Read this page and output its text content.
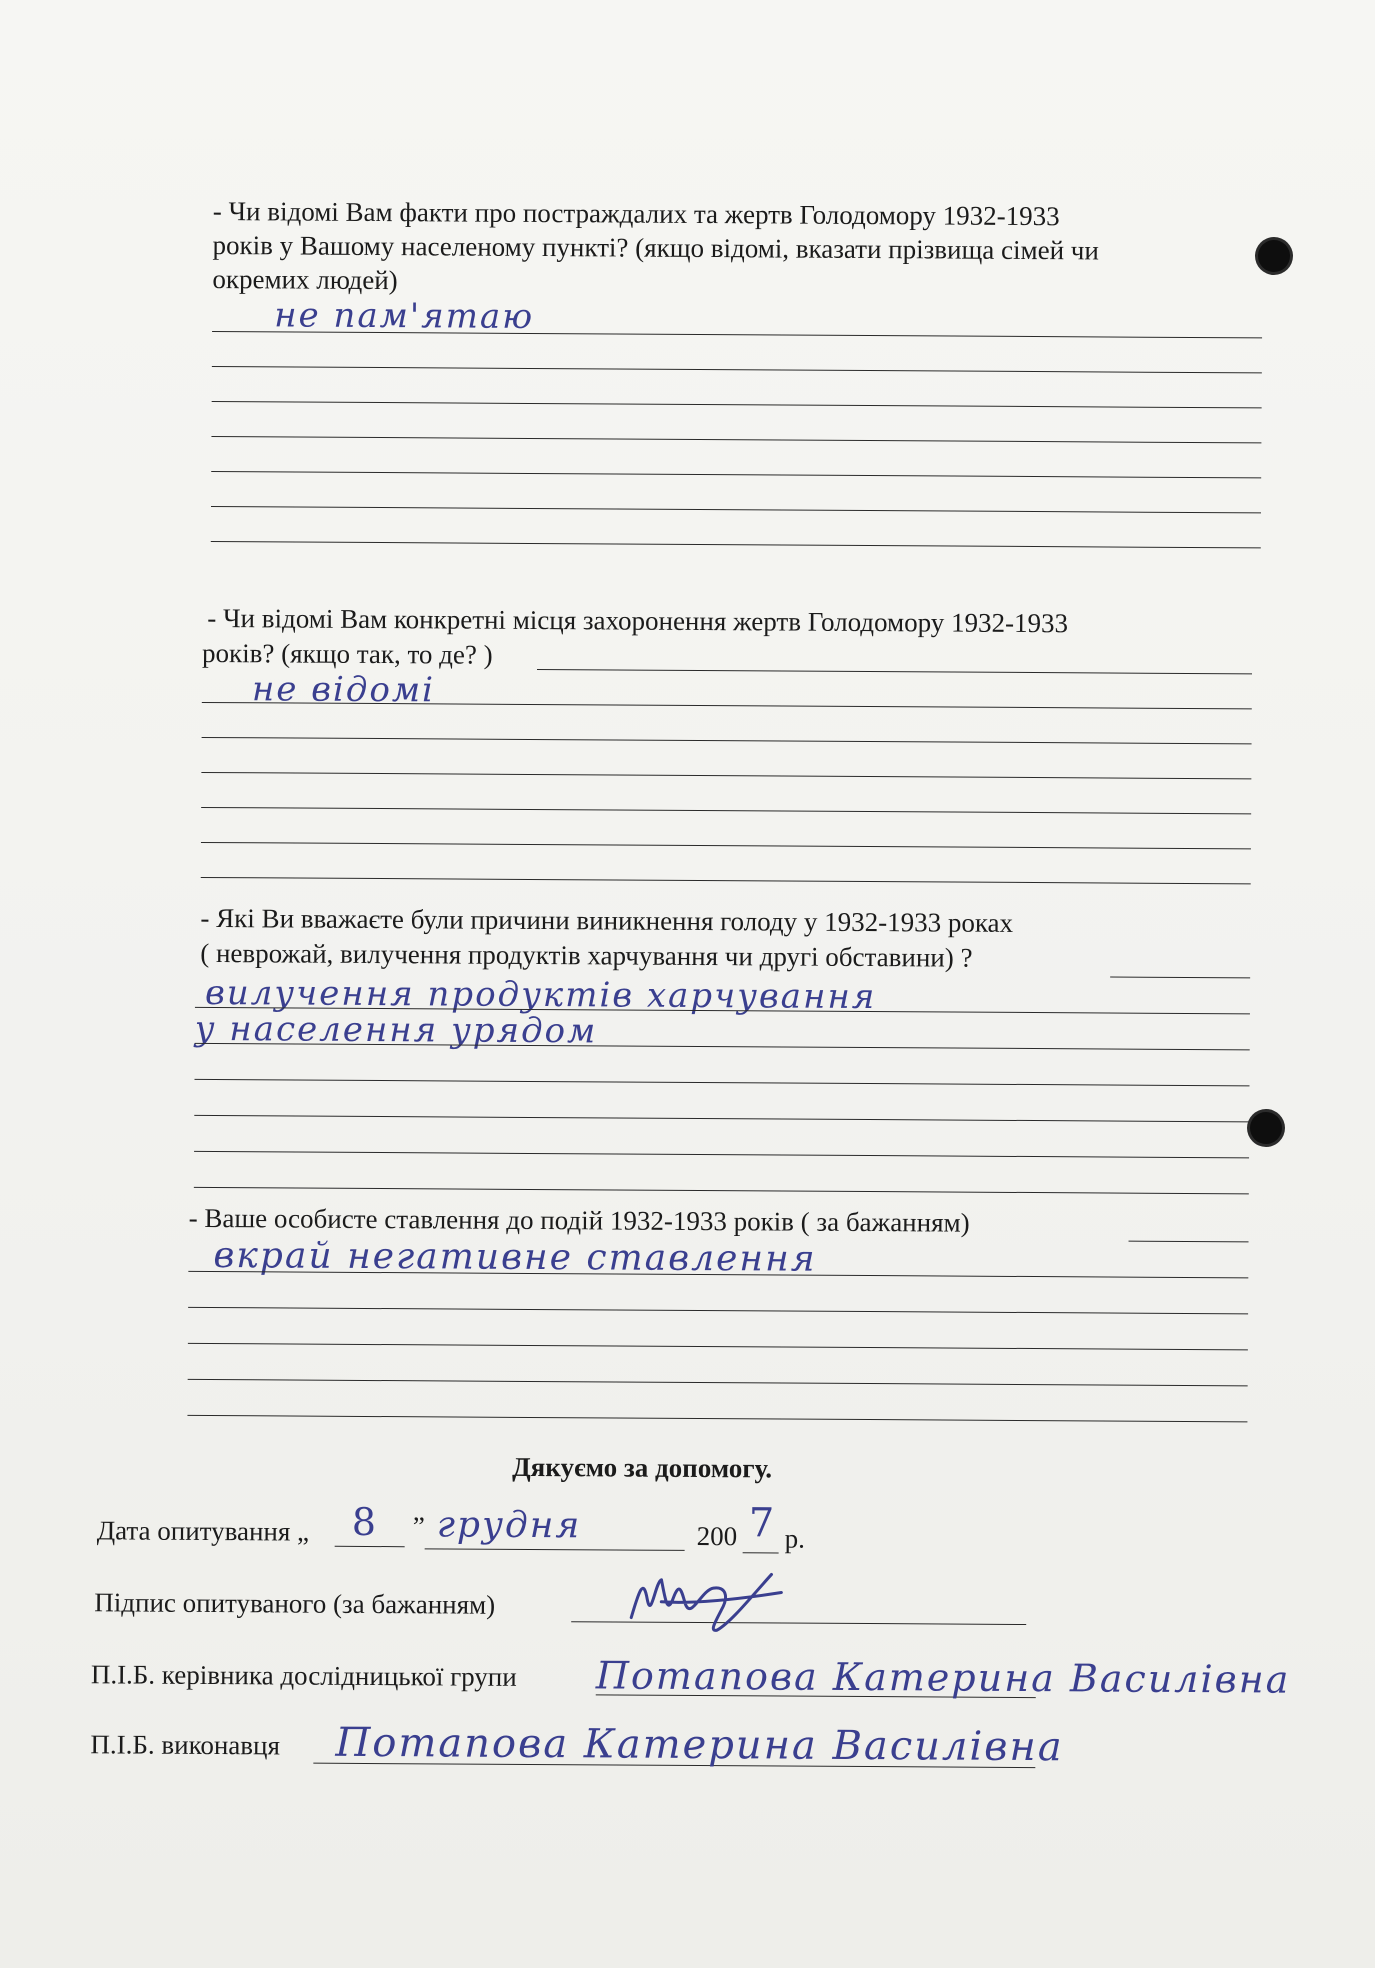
- Чи відомі Вам факти про постраждалих та жертв Голодомору 1932-1933
років у Вашому населеному пункті? (якщо відомі, вказати прізвища сімей чи
окремих людей)
не пам'ятаю
- Чи відомі Вам конкретні місця захоронення жертв Голодомору 1932-1933
років? (якщо так, то де? )
не відомі
- Які Ви вважаєте були причини виникнення голоду у 1932-1933 роках
( неврожай, вилучення продуктів харчування чи другі обставини) ?
вилучення продуктів харчування
у населення урядом
- Ваше особисте ставлення до подій 1932-1933 років ( за бажанням)
вкрай негативне ставлення
Дякуємо за допомогу.
Дата опитування „ 8 ” грудня	200 7 р.
Підпис опитуваного (за бажанням)
П.І.Б. керівника дослідницької групи Потапова Катерина Василівна
П.І.Б. виконавця Потапова Катерина Василівна
